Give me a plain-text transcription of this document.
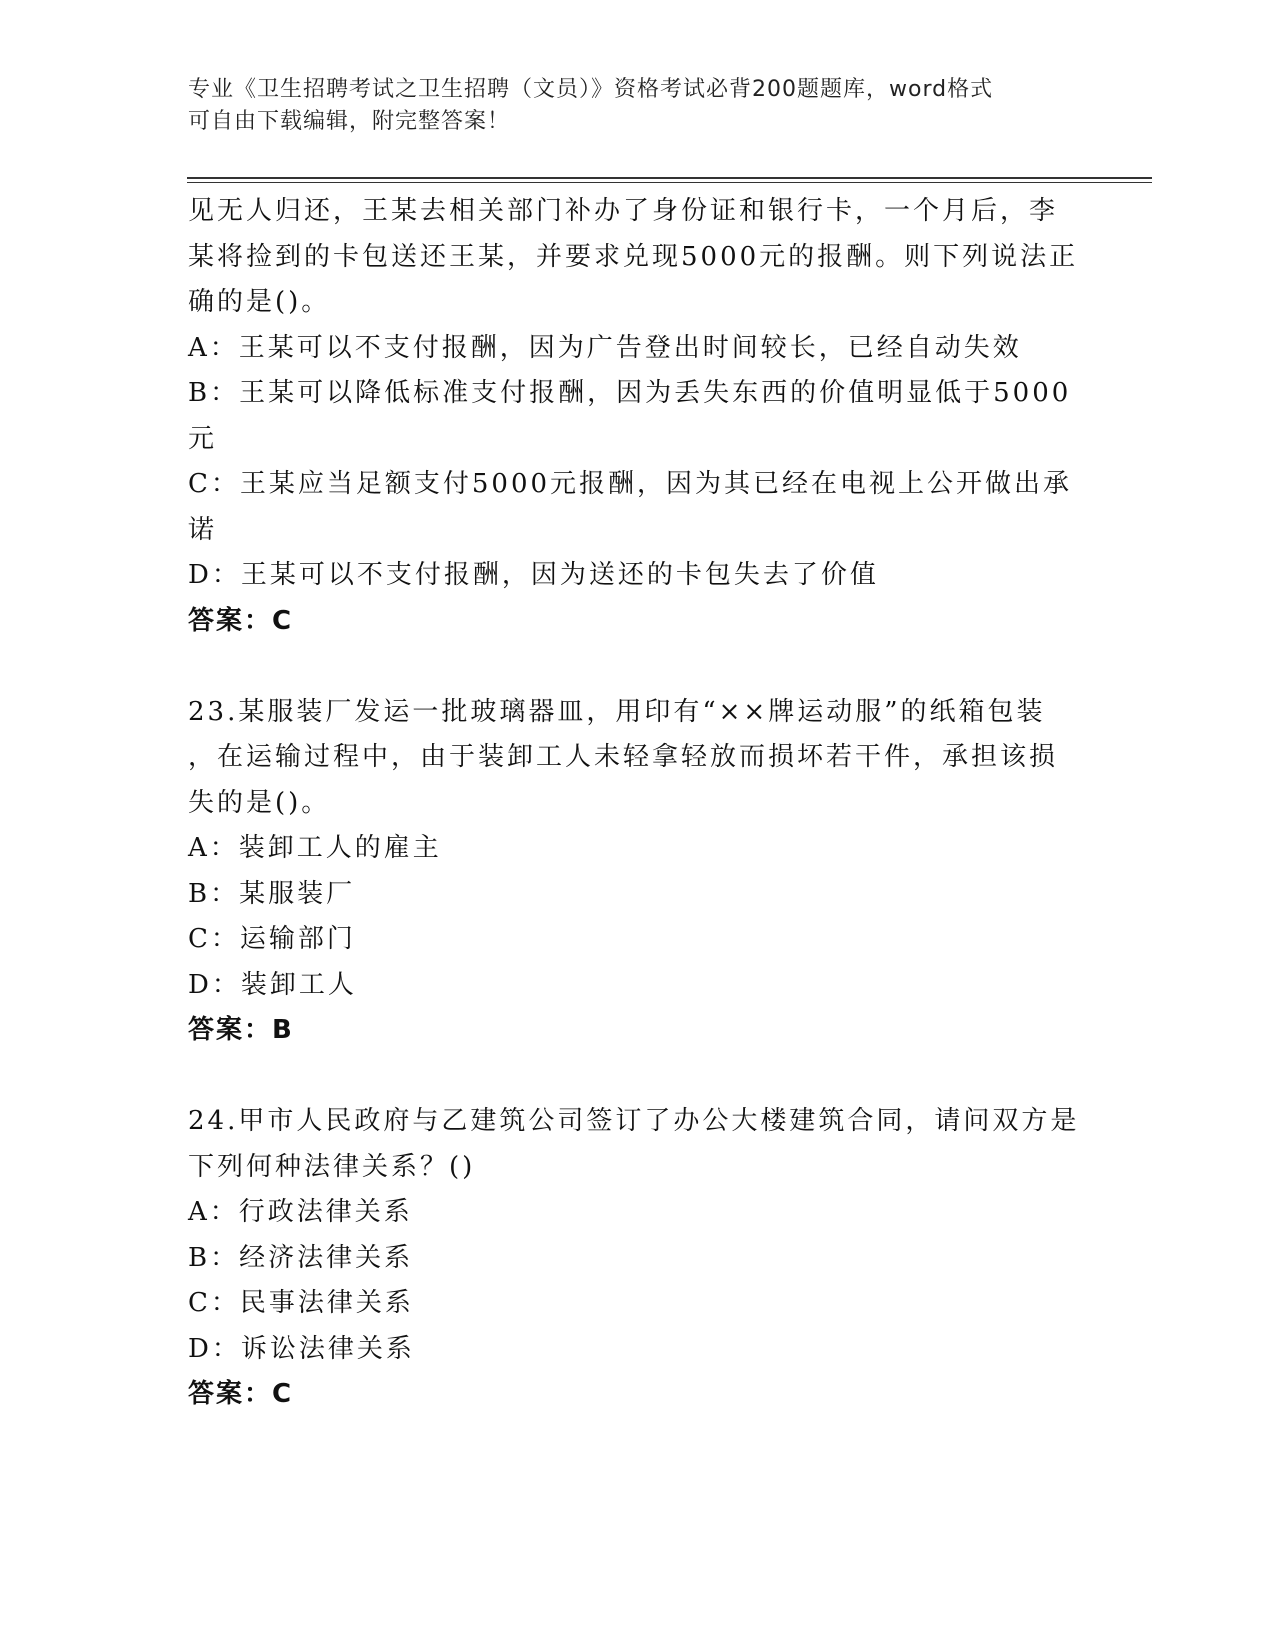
专业《卫生招聘考试之卫生招聘（文员）》资格考试必背200题题库，word格式
可自由下载编辑，附完整答案！
见无人归还，王某去相关部门补办了身份证和银行卡，一个月后，李
某将捡到的卡包送还王某，并要求兑现5000元的报酬。则下列说法正
确的是()。
A：王某可以不支付报酬，因为广告登出时间较长，已经自动失效
B：王某可以降低标准支付报酬，因为丢失东西的价值明显低于5000
元
C：王某应当足额支付5000元报酬，因为其已经在电视上公开做出承
诺
D：王某可以不支付报酬，因为送还的卡包失去了价值
答案：C
23.某服装厂发运一批玻璃器皿，用印有“××牌运动服”的纸箱包装
，在运输过程中，由于装卸工人未轻拿轻放而损坏若干件，承担该损
失的是()。
A：装卸工人的雇主
B：某服装厂
C：运输部门
D：装卸工人
答案：B
24.甲市人民政府与乙建筑公司签订了办公大楼建筑合同，请问双方是
下列何种法律关系？()
A：行政法律关系
B：经济法律关系
C：民事法律关系
D：诉讼法律关系
答案：C
